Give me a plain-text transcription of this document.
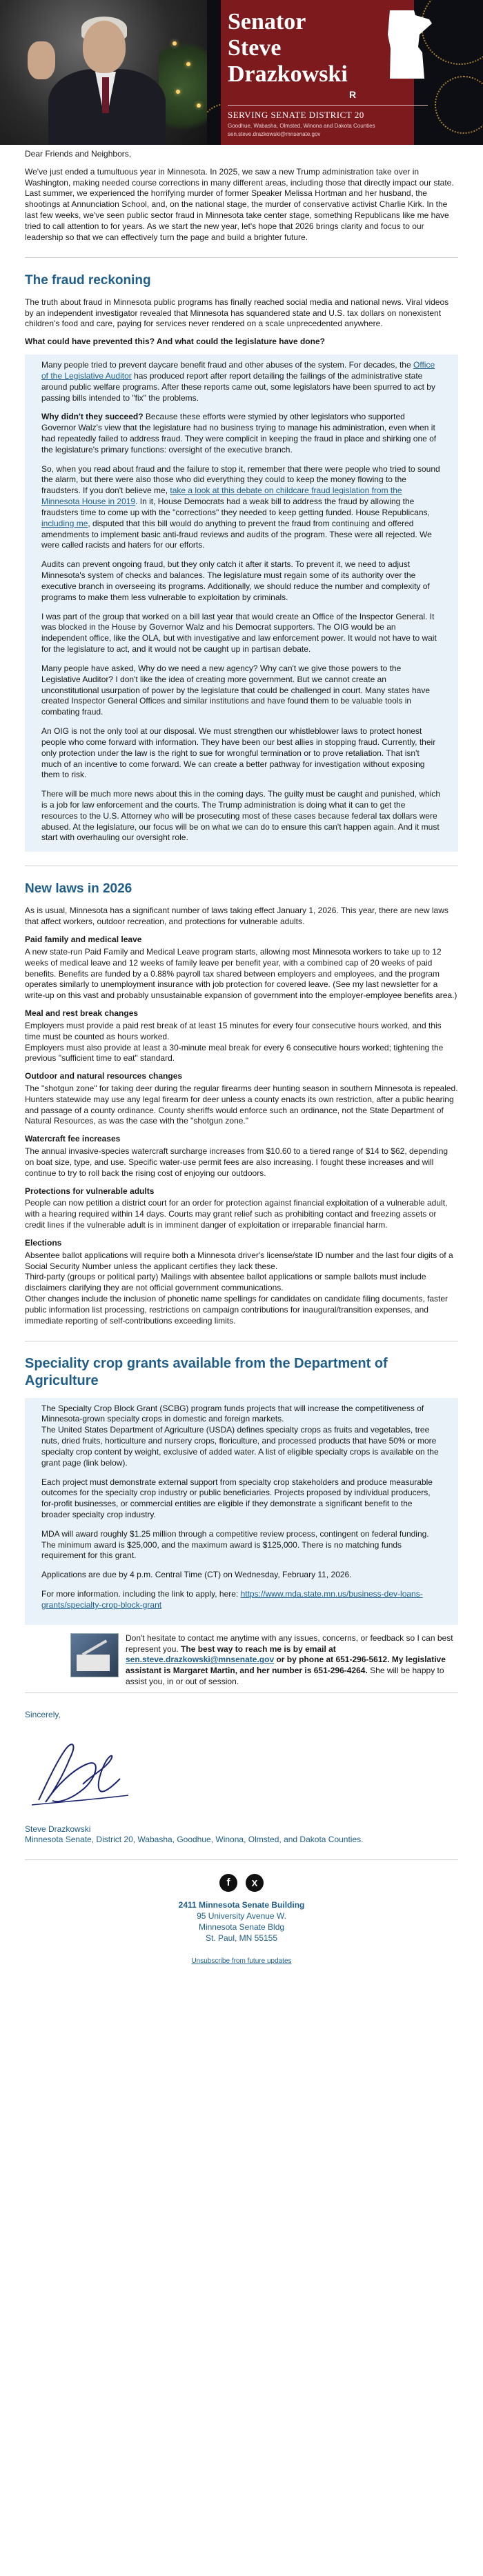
Senator
Steve
Drazkowski
R
SERVING SENATE DISTRICT 20
Goodhue, Wabasha, Olmsted, Winona and Dakota Counties
sen.steve.drazkowski@mnsenate.gov

Dear Friends and Neighbors,

We've just ended a tumultuous year in Minnesota. In 2025, we saw a new Trump administration take over in Washington, making needed course corrections in many different areas, including those that directly impact our state. Last summer, we experienced the horrifying murder of former Speaker Melissa Hortman and her husband, the shootings at Annunciation School, and, on the national stage, the murder of conservative activist Charlie Kirk. In the last few weeks, we've seen public sector fraud in Minnesota take center stage, something Republicans like me have tried to call attention to for years. As we start the new year, let's hope that 2026 brings clarity and focus to our leadership so that we can effectively turn the page and build a brighter future.

The fraud reckoning

The truth about fraud in Minnesota public programs has finally reached social media and national news. Viral videos by an independent investigator revealed that Minnesota has squandered state and U.S. tax dollars on nonexistent children's food and care, paying for services never rendered on a scale unprecedented anywhere.

What could have prevented this? And what could the legislature have done?

Many people tried to prevent daycare benefit fraud and other abuses of the system. For decades, the Office of the Legislative Auditor has produced report after report detailing the failings of the administrative state around public welfare programs. After these reports came out, some legislators have been spurred to act by passing bills intended to "fix" the problems.

Why didn't they succeed? Because these efforts were stymied by other legislators who supported Governor Walz's view that the legislature had no business trying to manage his administration, even when it had repeatedly failed to address fraud. They were complicit in keeping the fraud in place and shirking one of the legislature's primary functions: oversight of the executive branch.

So, when you read about fraud and the failure to stop it, remember that there were people who tried to sound the alarm, but there were also those who did everything they could to keep the money flowing to the fraudsters. If you don't believe me, take a look at this debate on childcare fraud legislation from the Minnesota House in 2019. In it, House Democrats had a weak bill to address the fraud by allowing the fraudsters time to come up with the "corrections" they needed to keep getting funded. House Republicans, including me, disputed that this bill would do anything to prevent the fraud from continuing and offered amendments to implement basic anti-fraud reviews and audits of the program. These were all rejected. We were called racists and haters for our efforts.

Audits can prevent ongoing fraud, but they only catch it after it starts. To prevent it, we need to adjust Minnesota's system of checks and balances. The legislature must regain some of its authority over the executive branch in overseeing its programs. Additionally, we should reduce the number and complexity of programs to make them less vulnerable to exploitation by criminals.

I was part of the group that worked on a bill last year that would create an Office of the Inspector General. It was blocked in the House by Governor Walz and his Democrat supporters. The OIG would be an independent office, like the OLA, but with investigative and law enforcement power. It would not have to wait for the legislature to act, and it would not be caught up in partisan debate.

Many people have asked, Why do we need a new agency? Why can't we give those powers to the Legislative Auditor? I don't like the idea of creating more government. But we cannot create an unconstitutional usurpation of power by the legislature that could be challenged in court. Many states have created Inspector General Offices and similar institutions and have found them to be valuable tools in combating fraud.

An OIG is not the only tool at our disposal. We must strengthen our whistleblower laws to protect honest people who come forward with information. They have been our best allies in stopping fraud. Currently, their only protection under the law is the right to sue for wrongful termination or to prove retaliation. That isn't much of an incentive to come forward. We can create a better pathway for investigation without exposing them to risk.

There will be much more news about this in the coming days. The guilty must be caught and punished, which is a job for law enforcement and the courts. The Trump administration is doing what it can to get the resources to the U.S. Attorney who will be prosecuting most of these cases because federal tax dollars were abused. At the legislature, our focus will be on what we can do to ensure this can't happen again. And it must start with overhauling our oversight role.

New laws in 2026

As is usual, Minnesota has a significant number of laws taking effect January 1, 2026. This year, there are new laws that affect workers, outdoor recreation, and protections for vulnerable adults.

Paid family and medical leave

A new state-run Paid Family and Medical Leave program starts, allowing most Minnesota workers to take up to 12 weeks of medical leave and 12 weeks of family leave per benefit year, with a combined cap of 20 weeks of paid benefits. Benefits are funded by a 0.88% payroll tax shared between employers and employees, and the program operates similarly to unemployment insurance with job protection for covered leave. (See my last newsletter for a write-up on this vast and probably unsustainable expansion of government into the employer-employee benefits area.)

Meal and rest break changes

Employers must provide a paid rest break of at least 15 minutes for every four consecutive hours worked, and this time must be counted as hours worked.

Employers must also provide at least a 30-minute meal break for every 6 consecutive hours worked; tightening the previous "sufficient time to eat" standard.

Outdoor and natural resources changes

The "shotgun zone" for taking deer during the regular firearms deer hunting season in southern Minnesota is repealed. Hunters statewide may use any legal firearm for deer unless a county enacts its own restriction, after a public hearing and passage of a county ordinance. County sheriffs would enforce such an ordinance, not the State Department of Natural Resources, as was the case with the "shotgun zone."

Watercraft fee increases

The annual invasive-species watercraft surcharge increases from $10.60 to a tiered range of $14 to $62, depending on boat size, type, and use. Specific water-use permit fees are also increasing. I fought these increases and will continue to try to roll back the rising cost of enjoying our outdoors.

Protections for vulnerable adults

People can now petition a district court for an order for protection against financial exploitation of a vulnerable adult, with a hearing required within 14 days. Courts may grant relief such as prohibiting contact and freezing assets or credit lines if the vulnerable adult is in imminent danger of exploitation or irreparable financial harm.

Elections

Absentee ballot applications will require both a Minnesota driver's license/state ID number and the last four digits of a Social Security Number unless the applicant certifies they lack these.

Third-party (groups or political party) Mailings with absentee ballot applications or sample ballots must include disclaimers clarifying they are not official government communications.

Other changes include the inclusion of phonetic name spellings for candidates on candidate filing documents, faster public information list processing, restrictions on campaign contributions for inaugural/transition expenses, and immediate reporting of self-contributions exceeding limits.

Speciality crop grants available from the Department of Agriculture

The Specialty Crop Block Grant (SCBG) program funds projects that will increase the competitiveness of Minnesota-grown specialty crops in domestic and foreign markets.
The United States Department of Agriculture (USDA) defines specialty crops as fruits and vegetables, tree nuts, dried fruits, horticulture and nursery crops, floriculture, and processed products that have 50% or more specialty crop content by weight, exclusive of added water. A list of eligible specialty crops is available on the grant page (link below).

Each project must demonstrate external support from specialty crop stakeholders and produce measurable outcomes for the specialty crop industry or public beneficiaries. Projects proposed by individual producers, for-profit businesses, or commercial entities are eligible if they demonstrate a significant benefit to the broader specialty crop industry.

MDA will award roughly $1.25 million through a competitive review process, contingent on federal funding. The minimum award is $25,000, and the maximum award is $125,000. There is no matching funds requirement for this grant.

Applications are due by 4 p.m. Central Time (CT) on Wednesday, February 11, 2026.

For more information. including the link to apply, here: https://www.mda.state.mn.us/business-dev-loans-grants/specialty-crop-block-grant

Don't hesitate to contact me anytime with any issues, concerns, or feedback so I can best represent you. The best way to reach me is by email at sen.steve.drazkowski@mnsenate.gov or by phone at 651-296-5612. My legislative assistant is Margaret Martin, and her number is 651-296-4264. She will be happy to assist you, in or out of session.

Sincerely,

Steve Drazkowski

Minnesota Senate, District 20, Wabasha, Goodhue, Winona, Olmsted, and Dakota Counties.

f	X
2411 Minnesota Senate Building
95 University Avenue W.
Minnesota Senate Bldg
St. Paul, MN 55155
Unsubscribe from future updates
